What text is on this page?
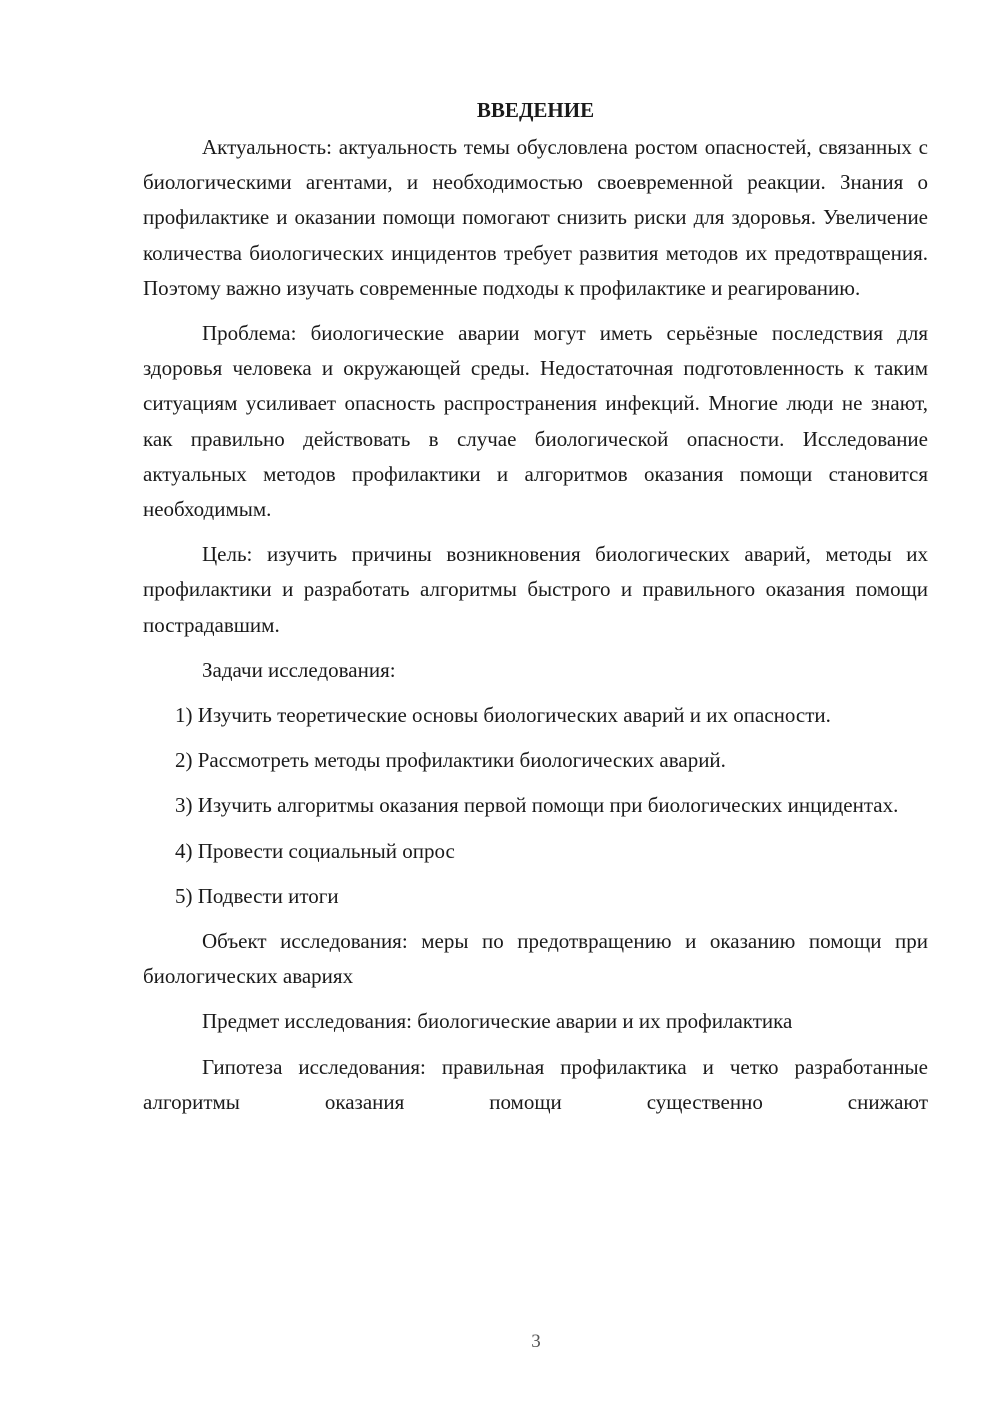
ВВЕДЕНИЕ

Актуальность: актуальность темы обусловлена ростом опасностей, связанных с биологическими агентами, и необходимостью своевременной реакции. Знания о профилактике и оказании помощи помогают снизить риски для здоровья. Увеличение количества биологических инцидентов требует развития методов их предотвращения. Поэтому важно изучать современные подходы к профилактике и реагированию.

Проблема: биологические аварии могут иметь серьёзные последствия для здоровья человека и окружающей среды. Недостаточная подготовленность к таким ситуациям усиливает опасность распространения инфекций. Многие люди не знают, как правильно действовать в случае биологической опасности. Исследование актуальных методов профилактики и алгоритмов оказания помощи становится необходимым.

Цель: изучить причины возникновения биологических аварий, методы их профилактики и разработать алгоритмы быстрого и правильного оказания помощи пострадавшим.

Задачи исследования:

1) Изучить теоретические основы биологических аварий и их опасности.

2) Рассмотреть методы профилактики биологических аварий.

3) Изучить алгоритмы оказания первой помощи при биологических инцидентах.

4) Провести социальный опрос

5) Подвести итоги

Объект исследования: меры по предотвращению и оказанию помощи при биологических авариях

Предмет исследования: биологические аварии и их профилактика

Гипотеза исследования: правильная профилактика и четко разработанные алгоритмы оказания помощи существенно снижают

3
